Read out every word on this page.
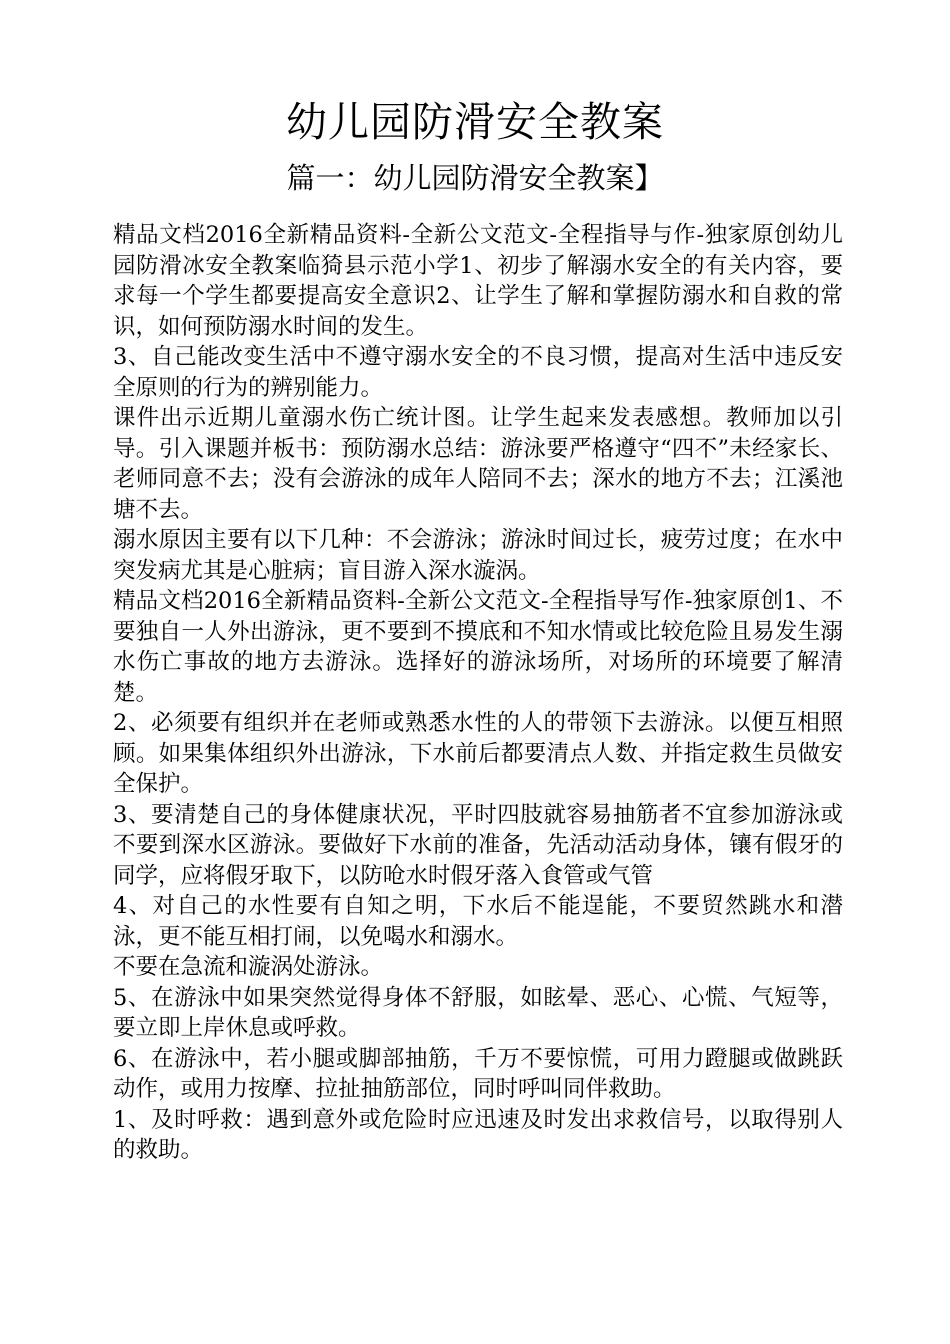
幼儿园防滑安全教案
篇一：幼儿园防滑安全教案】

精品文档2016全新精品资料-全新公文范文-全程指导与作-独家原创幼儿园防滑冰安全教案临猗县示范小学1、初步了解溺水安全的有关内容，要求每一个学生都要提高安全意识2、让学生了解和掌握防溺水和自救的常识，如何预防溺水时间的发生。

3、自己能改变生活中不遵守溺水安全的不良习惯，提高对生活中违反安全原则的行为的辨别能力。

课件出示近期儿童溺水伤亡统计图。让学生起来发表感想。教师加以引导。引入课题并板书：预防溺水总结：游泳要严格遵守“四不”未经家长、老师同意不去；没有会游泳的成年人陪同不去；深水的地方不去；江溪池塘不去。

溺水原因主要有以下几种：不会游泳；游泳时间过长，疲劳过度；在水中突发病尤其是心脏病；盲目游入深水漩涡。

精品文档2016全新精品资料-全新公文范文-全程指导写作-独家原创1、不要独自一人外出游泳，更不要到不摸底和不知水情或比较危险且易发生溺水伤亡事故的地方去游泳。选择好的游泳场所，对场所的环境要了解清楚。

2、必须要有组织并在老师或熟悉水性的人的带领下去游泳。以便互相照顾。如果集体组织外出游泳，下水前后都要清点人数、并指定救生员做安全保护。

3、要清楚自己的身体健康状况，平时四肢就容易抽筋者不宜参加游泳或不要到深水区游泳。要做好下水前的准备，先活动活动身体，镶有假牙的同学，应将假牙取下，以防呛水时假牙落入食管或气管

4、对自己的水性要有自知之明，下水后不能逞能，不要贸然跳水和潜泳，更不能互相打闹，以免喝水和溺水。

不要在急流和漩涡处游泳。

5、在游泳中如果突然觉得身体不舒服，如眩晕、恶心、心慌、气短等，要立即上岸休息或呼救。

6、在游泳中，若小腿或脚部抽筋，千万不要惊慌，可用力蹬腿或做跳跃动作，或用力按摩、拉扯抽筋部位，同时呼叫同伴救助。

1、及时呼救：遇到意外或危险时应迅速及时发出求救信号，以取得别人的救助。
